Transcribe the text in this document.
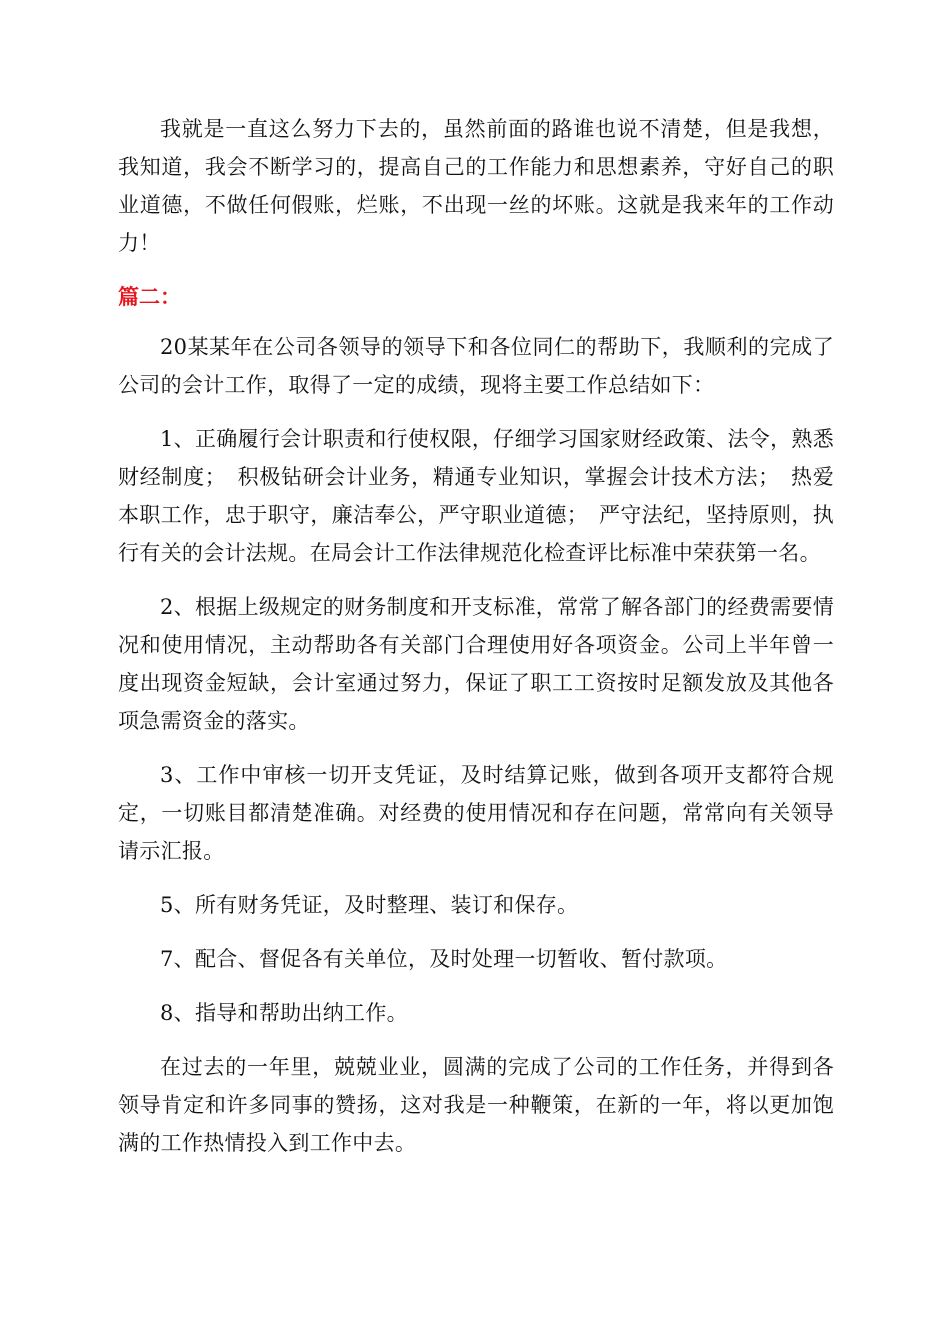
我就是一直这么努力下去的，虽然前面的路谁也说不清楚，但是我想，我知道，我会不断学习的，提高自己的工作能力和思想素养，守好自己的职业道德，不做任何假账，烂账，不出现一丝的坏账。这就是我来年的工作动力！

篇二：

20某某年在公司各领导的领导下和各位同仁的帮助下，我顺利的完成了公司的会计工作，取得了一定的成绩，现将主要工作总结如下：

1、正确履行会计职责和行使权限，仔细学习国家财经政策、法令，熟悉财经制度；　积极钻研会计业务，精通专业知识，掌握会计技术方法；　热爱本职工作，忠于职守，廉洁奉公，严守职业道德；　严守法纪，坚持原则，执行有关的会计法规。在局会计工作法律规范化检查评比标准中荣获第一名。

2、根据上级规定的财务制度和开支标准，常常了解各部门的经费需要情况和使用情况，主动帮助各有关部门合理使用好各项资金。公司上半年曾一度出现资金短缺，会计室通过努力，保证了职工工资按时足额发放及其他各项急需资金的落实。

3、工作中审核一切开支凭证，及时结算记账，做到各项开支都符合规定，一切账目都清楚准确。对经费的使用情况和存在问题，常常向有关领导请示汇报。

5、所有财务凭证，及时整理、装订和保存。

7、配合、督促各有关单位，及时处理一切暂收、暂付款项。

8、指导和帮助出纳工作。

在过去的一年里，兢兢业业，圆满的完成了公司的工作任务，并得到各领导肯定和许多同事的赞扬，这对我是一种鞭策，在新的一年，将以更加饱满的工作热情投入到工作中去。
